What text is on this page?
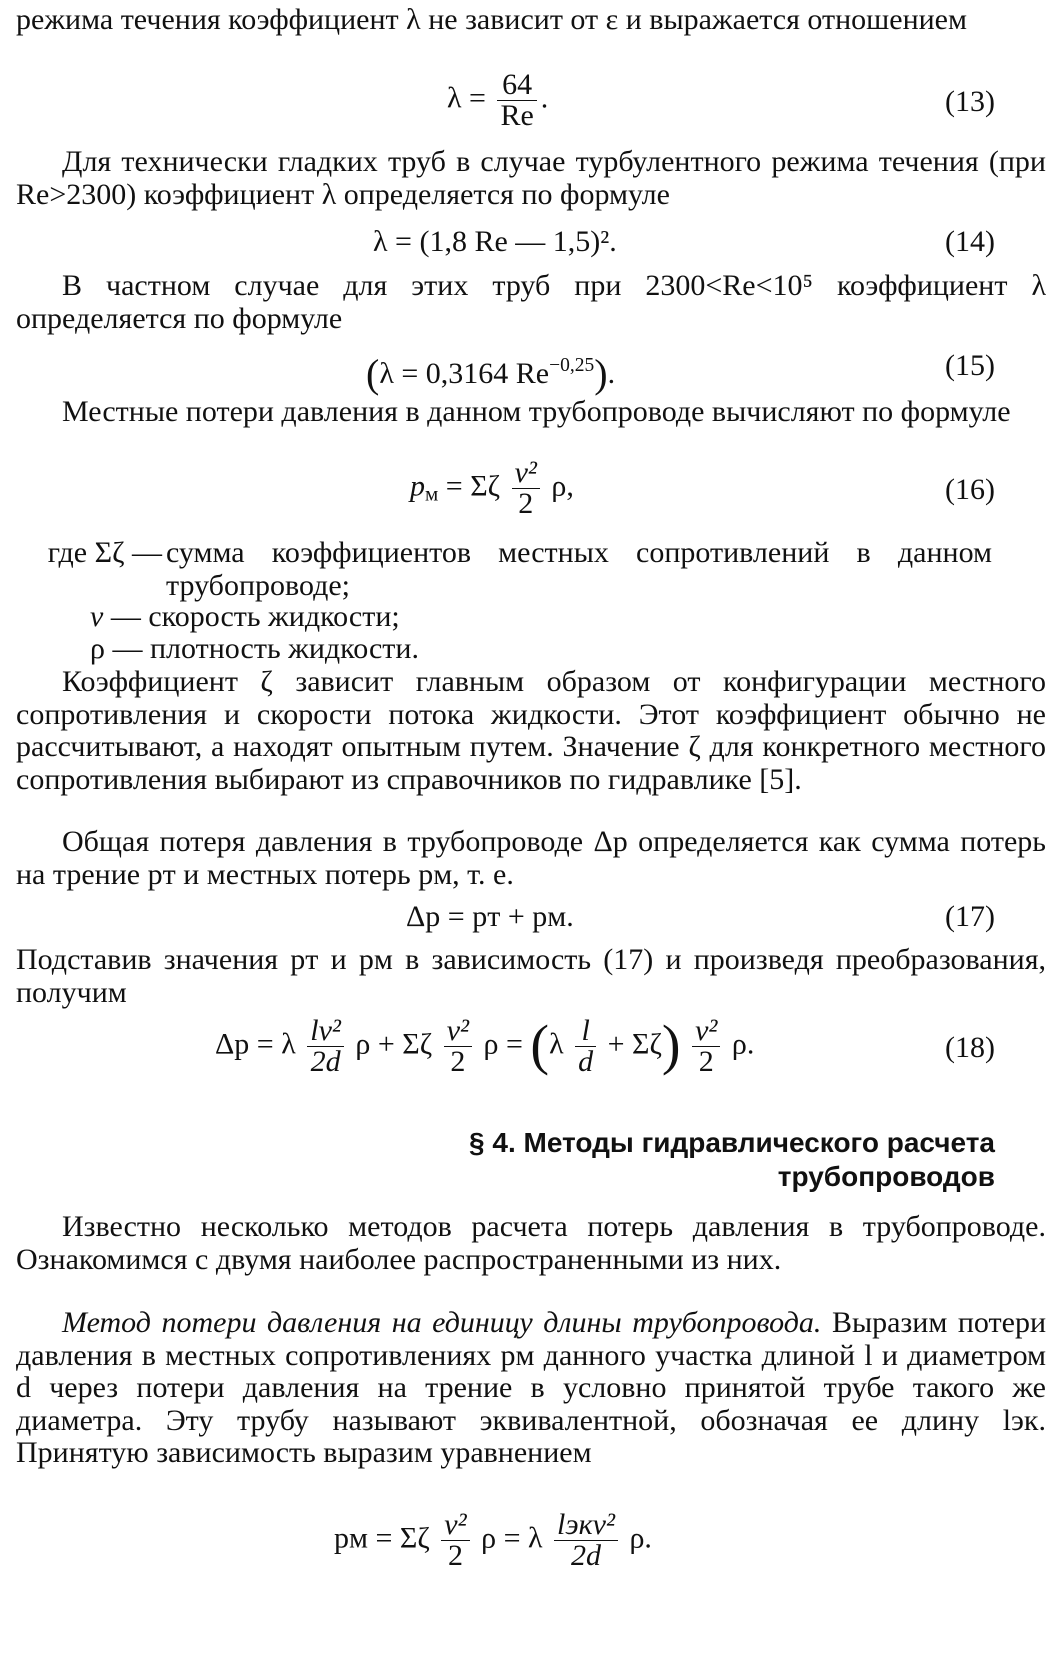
режима течения коэффициент λ не зависит от ε и выражается отношением
$\lambda = \frac{64}{Re}$ .	(13)
Для технически гладких труб в случае турбулентного режима течения (при Re>2300) коэффициент λ определяется по формуле
λ = (1,8 Re — 1,5)².	(14)
В частном случае для этих труб при 2300<Re<10⁵ коэффициент λ определяется по формуле
(λ = 0,3164 $Re^{-0,25}$).	(15)
Местные потери давления в данном трубопроводе вычисляют по формуле
$p_м = \Sigma\zeta \frac{\text{v²}}{2} \rho$,	(16)
где Σζ — сумма коэффициентов местных сопротивлений в данном трубопроводе;
v — скорость жидкости;
ρ — плотность жидкости.
Коэффициент ζ зависит главным образом от конфигурации местного сопротивления и скорости потока жидкости. Этот коэффициент обычно не рассчитывают, а находят опытным путем. Значение ζ для конкретного местного сопротивления выбирают из справочников по гидравлике [5].
Общая потеря давления в трубопроводе Δp определяется как сумма потерь на трение pт и местных потерь pм, т. е.
Δp = pт + pм.	(17)
Подставив значения pт и pм в зависимость (17) и произведя преобразования, получим
Δp = λ $\frac{\text{lv²}}{2d}$ ρ + Σζ $\frac{\text{v²}}{2}$ $\rho = (\lambda \frac{l}{d} + \Sigma\zeta) \frac{\text{v²}}{2} \rho$.	(18)
§ 4. Методы гидравлического расчета
трубопроводов
Известно несколько методов расчета потерь давления в трубопроводе. Ознакомимся с двумя наиболее распространенными из них.
Метод потери давления на единицу длины трубопровода. Выразим потери давления в местных сопротивлениях pм данного участка длиной l и диаметром d через потери давления на трение в условно принятой трубе такого же диаметра. Эту трубу называют эквивалентной, обозначая ее длину lэк. Принятую зависимость выразим уравнением
pм = Σζ $\frac{\text{v²}}{2}$ ρ = λ $\frac{\text{lэкv²}}{2d} \rho$.
